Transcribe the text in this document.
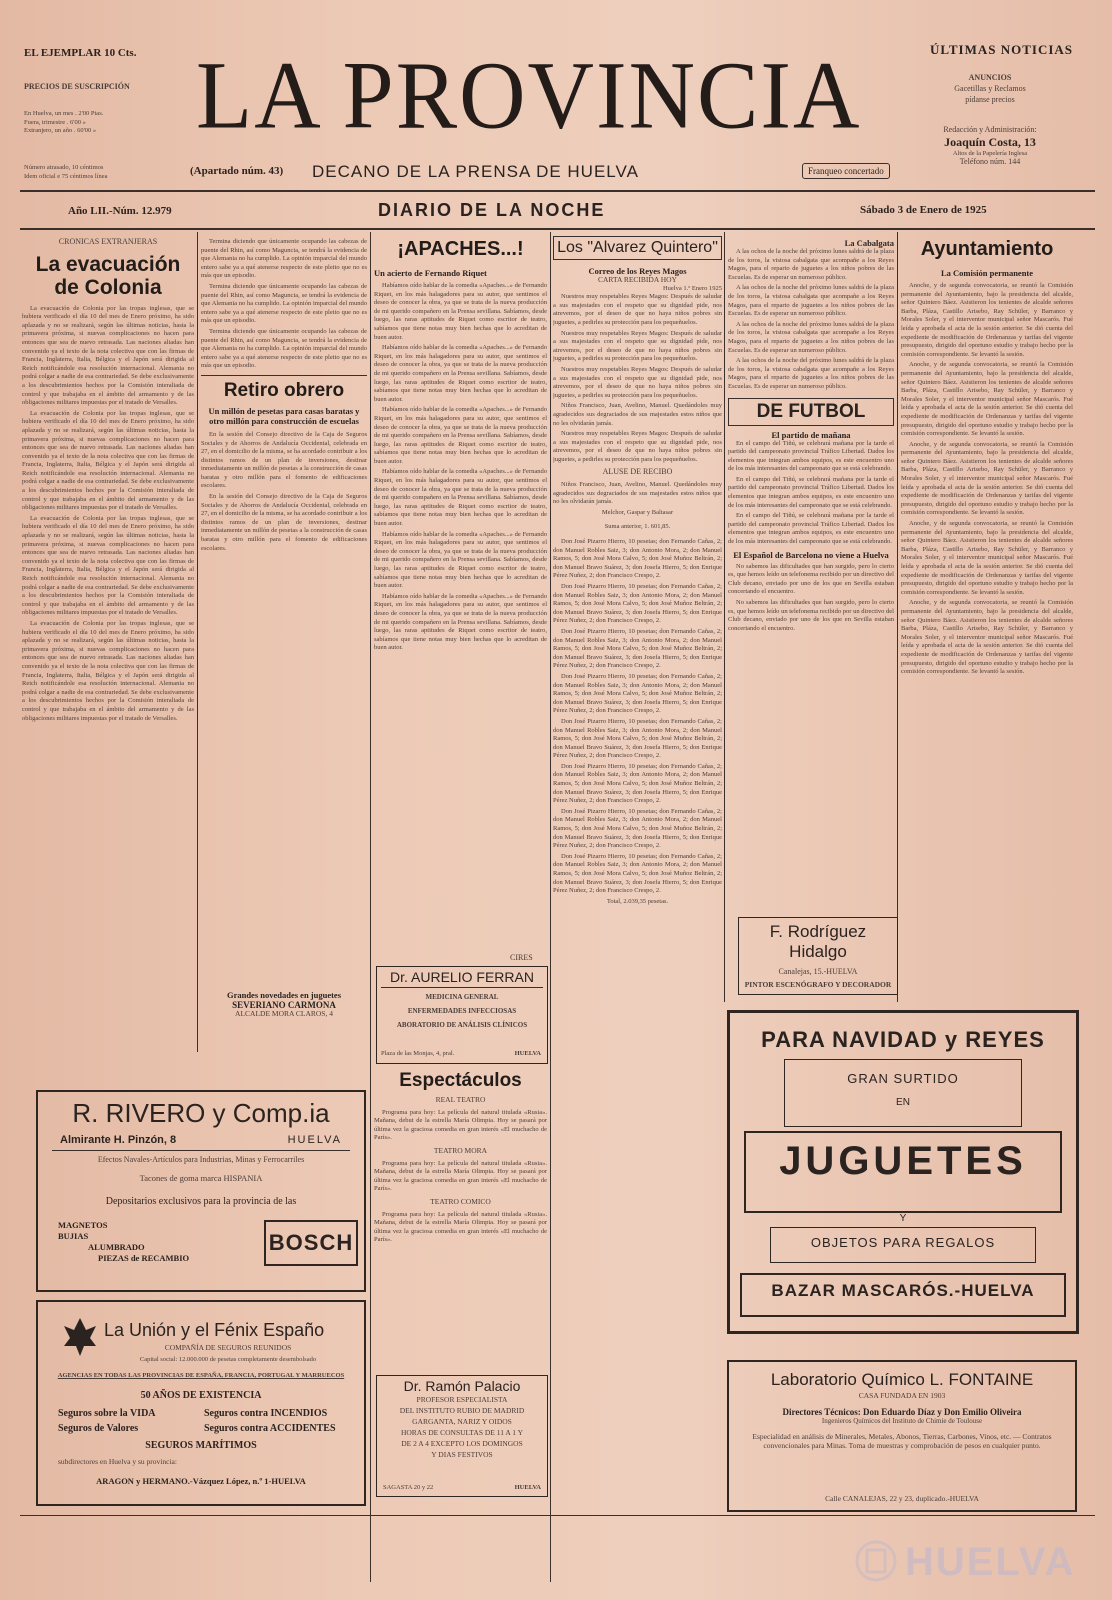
EL EJEMPLAR 10 Cts.
PRECIOS DE SUSCRIPCIÓN
En Huelva, un mes . 2'00 Ptas.
Fuera, trimestre . 6'00 »
Extranjero, un año . 60'00 »
Número atrasado, 10 céntimos
Idem oficial e 75 céntimos línea
LA PROVINCIA
(Apartado núm. 43) DECANO DE LA PRENSA DE HUELVA	Franqueo concertado
ÚLTIMAS NOTICIAS
ANUNCIOS
Gacetillas y Reclamos
pídanse precios
Redacción y Administración:
Joaquín Costa, 13
Altos de la Papelería Inglesa
Teléfono núm. 144
Año LII.-Núm. 12.979	DIARIO DE LA NOCHE	Sábado 3 de Enero de 1925
CRONICAS EXTRANJERAS
La evacuación
de Colonia

La evacuación de Colonia por las tropas inglesas, que se hubiera verificado el día 10 del mes de Enero próximo, ha sido aplazada y no se realizará, según las últimas noticias, hasta la primavera próxima, si nuevas complicaciones no hacen para entonces que sea de nuevo retrasada. Las naciones aliadas han convenido ya el texto de la nota colectiva que con las firmas de Francia, Inglaterra, Italia, Bélgica y el Japón será dirigida al Reich notificándole esa resolución internacional. Alemania no podrá colgar a nadie de esa contrariedad. Se debe exclusivamente a los descubrimientos hechos por la Comisión interaliada de control y que trabajaba en el ámbito del armamento y de las obligaciones militares impuestas por el tratado de Versalles.

La evacuación de Colonia por las tropas inglesas, que se hubiera verificado el día 10 del mes de Enero próximo, ha sido aplazada y no se realizará, según las últimas noticias, hasta la primavera próxima, si nuevas complicaciones no hacen para entonces que sea de nuevo retrasada. Las naciones aliadas han convenido ya el texto de la nota colectiva que con las firmas de Francia, Inglaterra, Italia, Bélgica y el Japón será dirigida al Reich notificándole esa resolución internacional. Alemania no podrá colgar a nadie de esa contrariedad. Se debe exclusivamente a los descubrimientos hechos por la Comisión interaliada de control y que trabajaba en el ámbito del armamento y de las obligaciones militares impuestas por el tratado de Versalles.

La evacuación de Colonia por las tropas inglesas, que se hubiera verificado el día 10 del mes de Enero próximo, ha sido aplazada y no se realizará, según las últimas noticias, hasta la primavera próxima, si nuevas complicaciones no hacen para entonces que sea de nuevo retrasada. Las naciones aliadas han convenido ya el texto de la nota colectiva que con las firmas de Francia, Inglaterra, Italia, Bélgica y el Japón será dirigida al Reich notificándole esa resolución internacional. Alemania no podrá colgar a nadie de esa contrariedad. Se debe exclusivamente a los descubrimientos hechos por la Comisión interaliada de control y que trabajaba en el ámbito del armamento y de las obligaciones militares impuestas por el tratado de Versalles.

La evacuación de Colonia por las tropas inglesas, que se hubiera verificado el día 10 del mes de Enero próximo, ha sido aplazada y no se realizará, según las últimas noticias, hasta la primavera próxima, si nuevas complicaciones no hacen para entonces que sea de nuevo retrasada. Las naciones aliadas han convenido ya el texto de la nota colectiva que con las firmas de Francia, Inglaterra, Italia, Bélgica y el Japón será dirigida al Reich notificándole esa resolución internacional. Alemania no podrá colgar a nadie de esa contrariedad. Se debe exclusivamente a los descubrimientos hechos por la Comisión interaliada de control y que trabajaba en el ámbito del armamento y de las obligaciones militares impuestas por el tratado de Versalles.

Termina diciendo que únicamente ocupando las cabezas de puente del Rhin, así como Maguncia, se tendrá la evidencia de que Alemania no ha cumplido. La opinión imparcial del mundo entero sabe ya a qué atenerse respecto de este pleito que no es más que un episodio.

Termina diciendo que únicamente ocupando las cabezas de puente del Rhin, así como Maguncia, se tendrá la evidencia de que Alemania no ha cumplido. La opinión imparcial del mundo entero sabe ya a qué atenerse respecto de este pleito que no es más que un episodio.

Termina diciendo que únicamente ocupando las cabezas de puente del Rhin, así como Maguncia, se tendrá la evidencia de que Alemania no ha cumplido. La opinión imparcial del mundo entero sabe ya a qué atenerse respecto de este pleito que no es más que un episodio.

Retiro obrero
Un millón de pesetas para casas baratas y otro millón para construcción de escuelas

En la sesión del Consejo directivo de la Caja de Seguros Sociales y de Ahorros de Andalucía Occidental, celebrada en 27, en el domicilio de la misma, se ha acordado contribuir a los distintos ramos de un plan de inversiones, destinar inmediatamente un millón de pesetas a la construcción de casas baratas y otro millón para el fomento de edificaciones escolares.

En la sesión del Consejo directivo de la Caja de Seguros Sociales y de Ahorros de Andalucía Occidental, celebrada en 27, en el domicilio de la misma, se ha acordado contribuir a los distintos ramos de un plan de inversiones, destinar inmediatamente un millón de pesetas a la construcción de casas baratas y otro millón para el fomento de edificaciones escolares.

Grandes novedades en juguetes
SEVERIANO CARMONA
ALCALDE MORA CLAROS, 4
¡APACHES...!
Un acierto de Fernando Riquet

Habíamos oído hablar de la comedia «Apaches...» de Fernando Riquet, en los más halagadores para su autor, que sentimos el deseo de conocer la obra, ya que se trata de la nueva producción de mi querido compañero en la Prensa sevillana. Sabíamos, desde luego, las raras aptitudes de Riquet como escritor de teatro, sabíamos que tiene notas muy bien hechas que lo acreditan de buen autor.

Habíamos oído hablar de la comedia «Apaches...» de Fernando Riquet, en los más halagadores para su autor, que sentimos el deseo de conocer la obra, ya que se trata de la nueva producción de mi querido compañero en la Prensa sevillana. Sabíamos, desde luego, las raras aptitudes de Riquet como escritor de teatro, sabíamos que tiene notas muy bien hechas que lo acreditan de buen autor.

Habíamos oído hablar de la comedia «Apaches...» de Fernando Riquet, en los más halagadores para su autor, que sentimos el deseo de conocer la obra, ya que se trata de la nueva producción de mi querido compañero en la Prensa sevillana. Sabíamos, desde luego, las raras aptitudes de Riquet como escritor de teatro, sabíamos que tiene notas muy bien hechas que lo acreditan de buen autor.

Habíamos oído hablar de la comedia «Apaches...» de Fernando Riquet, en los más halagadores para su autor, que sentimos el deseo de conocer la obra, ya que se trata de la nueva producción de mi querido compañero en la Prensa sevillana. Sabíamos, desde luego, las raras aptitudes de Riquet como escritor de teatro, sabíamos que tiene notas muy bien hechas que lo acreditan de buen autor.

Habíamos oído hablar de la comedia «Apaches...» de Fernando Riquet, en los más halagadores para su autor, que sentimos el deseo de conocer la obra, ya que se trata de la nueva producción de mi querido compañero en la Prensa sevillana. Sabíamos, desde luego, las raras aptitudes de Riquet como escritor de teatro, sabíamos que tiene notas muy bien hechas que lo acreditan de buen autor.

Habíamos oído hablar de la comedia «Apaches...» de Fernando Riquet, en los más halagadores para su autor, que sentimos el deseo de conocer la obra, ya que se trata de la nueva producción de mi querido compañero en la Prensa sevillana. Sabíamos, desde luego, las raras aptitudes de Riquet como escritor de teatro, sabíamos que tiene notas muy bien hechas que lo acreditan de buen autor.

CIRES
Dr. AURELIO FERRAN
MEDICINA GENERAL
ENFERMEDADES INFECCIOSAS
ABORATORIO DE ANÁLISIS CLÍNICOS
Plaza de las Monjas, 4, pral.	HUELVA
Espectáculos
REAL TEATRO

Programa para hoy: La película del natural titulada «Rusia». Mañana, debut de la estrella María Olimpia. Hoy se pasará por última vez la graciosa comedia en gran interés «El muchacho de París».

TEATRO MORA

Programa para hoy: La película del natural titulada «Rusia». Mañana, debut de la estrella María Olimpia. Hoy se pasará por última vez la graciosa comedia en gran interés «El muchacho de París».

TEATRO COMICO

Programa para hoy: La película del natural titulada «Rusia». Mañana, debut de la estrella María Olimpia. Hoy se pasará por última vez la graciosa comedia en gran interés «El muchacho de París».

Dr. Ramón Palacio
PROFESOR ESPECIALISTA
DEL INSTITUTO RUBIO DE MADRID
GARGANTA, NARIZ Y OIDOS
HORAS DE CONSULTAS DE 11 A 1 Y
DE 2 A 4 EXCEPTO LOS DOMINGOS
Y DIAS FESTIVOS
SAGASTA 20 y 22	HUELVA
Los "Alvarez Quintero"
Correo de los Reyes Magos
CARTA RECIBIDA HOY
Huelva 1.º Enero 1925

Nuestros muy respetables Reyes Magos: Después de saludar a sus majestades con el respeto que su dignidad pide, nos atrevemos, por el deseo de que no haya niños pobres sin juguetes, a pedirles su protección para los pequeñuelos.

Nuestros muy respetables Reyes Magos: Después de saludar a sus majestades con el respeto que su dignidad pide, nos atrevemos, por el deseo de que no haya niños pobres sin juguetes, a pedirles su protección para los pequeñuelos.

Nuestros muy respetables Reyes Magos: Después de saludar a sus majestades con el respeto que su dignidad pide, nos atrevemos, por el deseo de que no haya niños pobres sin juguetes, a pedirles su protección para los pequeñuelos.

Niños Francisco, Juan, Avelino, Manuel. Quedándoles muy agradecidos sus degraciados de sus majestades estos niños que no les olvidarán jamás.

Nuestros muy respetables Reyes Magos: Después de saludar a sus majestades con el respeto que su dignidad pide, nos atrevemos, por el deseo de que no haya niños pobres sin juguetes, a pedirles su protección para los pequeñuelos.

ALUSE DE RECIBO

Niños Francisco, Juan, Avelino, Manuel. Quedándoles muy agradecidos sus degraciados de sus majestades estos niños que no les olvidarán jamás.

Melchor, Gaspar y Baltasar
Suma anterior, 1. 601,85.

Don José Pizarro Hierro, 10 pesetas; don Fernando Cañas, 2; don Manuel Robles Saiz, 3; don Antonio Mora, 2; don Manuel Ramos, 5; don José Mora Calvo, 5; don José Muñoz Beltrán, 2; don Manuel Bravo Suárez, 3; don Josefa Hierro, 5; don Enrique Pérez Nuñez, 2; don Francisco Crespo, 2.

Don José Pizarro Hierro, 10 pesetas; don Fernando Cañas, 2; don Manuel Robles Saiz, 3; don Antonio Mora, 2; don Manuel Ramos, 5; don José Mora Calvo, 5; don José Muñoz Beltrán, 2; don Manuel Bravo Suárez, 3; don Josefa Hierro, 5; don Enrique Pérez Nuñez, 2; don Francisco Crespo, 2.

Don José Pizarro Hierro, 10 pesetas; don Fernando Cañas, 2; don Manuel Robles Saiz, 3; don Antonio Mora, 2; don Manuel Ramos, 5; don José Mora Calvo, 5; don José Muñoz Beltrán, 2; don Manuel Bravo Suárez, 3; don Josefa Hierro, 5; don Enrique Pérez Nuñez, 2; don Francisco Crespo, 2.

Don José Pizarro Hierro, 10 pesetas; don Fernando Cañas, 2; don Manuel Robles Saiz, 3; don Antonio Mora, 2; don Manuel Ramos, 5; don José Mora Calvo, 5; don José Muñoz Beltrán, 2; don Manuel Bravo Suárez, 3; don Josefa Hierro, 5; don Enrique Pérez Nuñez, 2; don Francisco Crespo, 2.

Don José Pizarro Hierro, 10 pesetas; don Fernando Cañas, 2; don Manuel Robles Saiz, 3; don Antonio Mora, 2; don Manuel Ramos, 5; don José Mora Calvo, 5; don José Muñoz Beltrán, 2; don Manuel Bravo Suárez, 3; don Josefa Hierro, 5; don Enrique Pérez Nuñez, 2; don Francisco Crespo, 2.

Don José Pizarro Hierro, 10 pesetas; don Fernando Cañas, 2; don Manuel Robles Saiz, 3; don Antonio Mora, 2; don Manuel Ramos, 5; don José Mora Calvo, 5; don José Muñoz Beltrán, 2; don Manuel Bravo Suárez, 3; don Josefa Hierro, 5; don Enrique Pérez Nuñez, 2; don Francisco Crespo, 2.

Don José Pizarro Hierro, 10 pesetas; don Fernando Cañas, 2; don Manuel Robles Saiz, 3; don Antonio Mora, 2; don Manuel Ramos, 5; don José Mora Calvo, 5; don José Muñoz Beltrán, 2; don Manuel Bravo Suárez, 3; don Josefa Hierro, 5; don Enrique Pérez Nuñez, 2; don Francisco Crespo, 2.

Don José Pizarro Hierro, 10 pesetas; don Fernando Cañas, 2; don Manuel Robles Saiz, 3; don Antonio Mora, 2; don Manuel Ramos, 5; don José Mora Calvo, 5; don José Muñoz Beltrán, 2; don Manuel Bravo Suárez, 3; don Josefa Hierro, 5; don Enrique Pérez Nuñez, 2; don Francisco Crespo, 2.

Total, 2.039,35 pesetas.
La Cabalgata

A las ochos de la noche del próximo lunes saldrá de la plaza de los toros, la vistosa cabalgata que acompañe a los Reyes Magos, para el reparto de juguetes a los niños pobres de las Escuelas. Es de esperar un numeroso público.

A las ochos de la noche del próximo lunes saldrá de la plaza de los toros, la vistosa cabalgata que acompañe a los Reyes Magos, para el reparto de juguetes a los niños pobres de las Escuelas. Es de esperar un numeroso público.

A las ochos de la noche del próximo lunes saldrá de la plaza de los toros, la vistosa cabalgata que acompañe a los Reyes Magos, para el reparto de juguetes a los niños pobres de las Escuelas. Es de esperar un numeroso público.

A las ochos de la noche del próximo lunes saldrá de la plaza de los toros, la vistosa cabalgata que acompañe a los Reyes Magos, para el reparto de juguetes a los niños pobres de las Escuelas. Es de esperar un numeroso público.

DE FUTBOL
El partido de mañana

En el campo del Tiñú, se celebrará mañana por la tarde el partido del campeonato provincial Tráfico Libertad. Dados los elementos que integran ambos equipos, es este encuentro uno de los más interesantes del campeonato que se está celebrando.

En el campo del Tiñú, se celebrará mañana por la tarde el partido del campeonato provincial Tráfico Libertad. Dados los elementos que integran ambos equipos, es este encuentro uno de los más interesantes del campeonato que se está celebrando.

En el campo del Tiñú, se celebrará mañana por la tarde el partido del campeonato provincial Tráfico Libertad. Dados los elementos que integran ambos equipos, es este encuentro uno de los más interesantes del campeonato que se está celebrando.

El Español de Barcelona no viene a Huelva

No sabemos las dificultades que han surgido, pero lo cierto es, que hemos leído un telefonema recibido por un directivo del Club decano, enviado por uno de los que en Sevilla estaban concertando el encuentro.

No sabemos las dificultades que han surgido, pero lo cierto es, que hemos leído un telefonema recibido por un directivo del Club decano, enviado por uno de los que en Sevilla estaban concertando el encuentro.

F. Rodríguez Hidalgo
Canalejas, 15.-HUELVA
PINTOR ESCENÓGRAFO Y DECORADOR
Ayuntamiento
La Comisión permanente

Anoche, y de segunda convocatoria, se reunió la Comisión permanente del Ayuntamiento, bajo la presidencia del alcalde, señor Quintero Báez. Asistieron los tenientes de alcalde señores Barba, Pláza, Castillo Arisebo, Ray Schüler, y Barranco y Morales Soler, y el interventor municipal señor Mascarós. Fué leída y aprobada el acta de la sesión anterior. Se dió cuenta del expediente de modificación de Ordenanzas y tarifas del vigente presupuesto, dirigido del oportuno estudio y trabajo hecho por la comisión correspondiente. Se levantó la sesión.

Anoche, y de segunda convocatoria, se reunió la Comisión permanente del Ayuntamiento, bajo la presidencia del alcalde, señor Quintero Báez. Asistieron los tenientes de alcalde señores Barba, Pláza, Castillo Arisebo, Ray Schüler, y Barranco y Morales Soler, y el interventor municipal señor Mascarós. Fué leída y aprobada el acta de la sesión anterior. Se dió cuenta del expediente de modificación de Ordenanzas y tarifas del vigente presupuesto, dirigido del oportuno estudio y trabajo hecho por la comisión correspondiente. Se levantó la sesión.

Anoche, y de segunda convocatoria, se reunió la Comisión permanente del Ayuntamiento, bajo la presidencia del alcalde, señor Quintero Báez. Asistieron los tenientes de alcalde señores Barba, Pláza, Castillo Arisebo, Ray Schüler, y Barranco y Morales Soler, y el interventor municipal señor Mascarós. Fué leída y aprobada el acta de la sesión anterior. Se dió cuenta del expediente de modificación de Ordenanzas y tarifas del vigente presupuesto, dirigido del oportuno estudio y trabajo hecho por la comisión correspondiente. Se levantó la sesión.

Anoche, y de segunda convocatoria, se reunió la Comisión permanente del Ayuntamiento, bajo la presidencia del alcalde, señor Quintero Báez. Asistieron los tenientes de alcalde señores Barba, Pláza, Castillo Arisebo, Ray Schüler, y Barranco y Morales Soler, y el interventor municipal señor Mascarós. Fué leída y aprobada el acta de la sesión anterior. Se dió cuenta del expediente de modificación de Ordenanzas y tarifas del vigente presupuesto, dirigido del oportuno estudio y trabajo hecho por la comisión correspondiente. Se levantó la sesión.

Anoche, y de segunda convocatoria, se reunió la Comisión permanente del Ayuntamiento, bajo la presidencia del alcalde, señor Quintero Báez. Asistieron los tenientes de alcalde señores Barba, Pláza, Castillo Arisebo, Ray Schüler, y Barranco y Morales Soler, y el interventor municipal señor Mascarós. Fué leída y aprobada el acta de la sesión anterior. Se dió cuenta del expediente de modificación de Ordenanzas y tarifas del vigente presupuesto, dirigido del oportuno estudio y trabajo hecho por la comisión correspondiente. Se levantó la sesión.

R. RIVERO y Comp.ia
Almirante H. Pinzón, 8	HUELVA
Efectos Navales-Artículos para Industrias, Minas y Ferrocarriles
Tacones de goma marca HISPANIA
Depositarios exclusivos para la provincia de las
MAGNETOS
BUJIAS
ALUMBRADO
PIEZAS de RECAMBIO
BOSCH
La Unión y el Fénix Españo
COMPAÑÍA DE SEGUROS REUNIDOS
Capital social: 12.000.000 de pesetas completamente desembolsado
AGENCIAS EN TODAS LAS PROVINCIAS DE ESPAÑA, FRANCIA, PORTUGAL Y MARRUECOS
50 AÑOS DE EXISTENCIA
Seguros sobre la VIDA	Seguros contra INCENDIOS
Seguros de Valores	Seguros contra ACCIDENTES
SEGUROS MARÍTIMOS
subdirectores en Huelva y su provincia:
ARAGON y HERMANO.-Vázquez López, n.º 1-HUELVA
PARA NAVIDAD y REYES
GRAN SURTIDO
EN
JUGUETES
Y
OBJETOS PARA REGALOS
BAZAR MASCARÓS.-HUELVA
Laboratorio Químico L. FONTAINE
CASA FUNDADA EN 1903
Directores Técnicos: Don Eduardo Díaz y Don Emilio Oliveira
Ingenieros Químicos del Instituto de Chimie de Toulouse
Especialidad en análisis de Minerales, Metales, Abonos, Tierras, Carbones, Vinos, etc. — Contratos convencionales para Minas. Toma de muestras y comprobación de pesos en cualquier punto.
Calle CANALEJAS, 22 y 23, duplicado.-HUELVA
HUELVA
